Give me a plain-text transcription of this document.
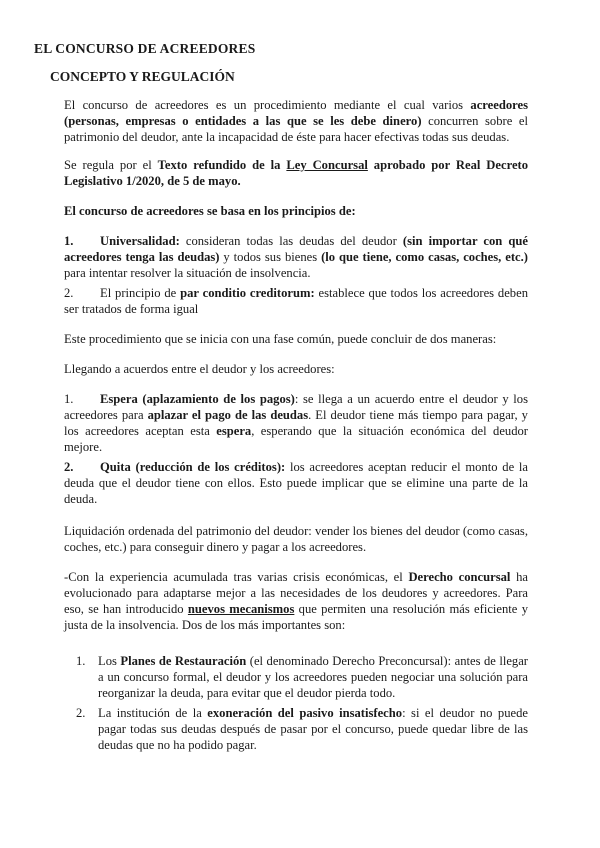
EL CONCURSO DE ACREEDORES
CONCEPTO Y REGULACIÓN

El concurso de acreedores es un procedimiento mediante el cual varios acreedores (personas, empresas o entidades a las que se les debe dinero) concurren sobre el patrimonio del deudor, ante la incapacidad de éste para hacer efectivas todas sus deudas.

Se regula por el Texto refundido de la Ley Concursal aprobado por Real Decreto Legislativo 1/2020, de 5 de mayo.

El concurso de acreedores se basa en los principios de:

1. Universalidad: consideran todas las deudas del deudor (sin importar con qué acreedores tenga las deudas) y todos sus bienes (lo que tiene, como casas, coches, etc.) para intentar resolver la situación de insolvencia.

2. El principio de par conditio creditorum: establece que todos los acreedores deben ser tratados de forma igual

Este procedimiento que se inicia con una fase común, puede concluir de dos maneras:

Llegando a acuerdos entre el deudor y los acreedores:

1. Espera (aplazamiento de los pagos): se llega a un acuerdo entre el deudor y los acreedores para aplazar el pago de las deudas. El deudor tiene más tiempo para pagar, y los acreedores aceptan esta espera, esperando que la situación económica del deudor mejore.

2. Quita (reducción de los créditos): los acreedores aceptan reducir el monto de la deuda que el deudor tiene con ellos. Esto puede implicar que se elimine una parte de la deuda.

Liquidación ordenada del patrimonio del deudor: vender los bienes del deudor (como casas, coches, etc.) para conseguir dinero y pagar a los acreedores.

-Con la experiencia acumulada tras varias crisis económicas, el Derecho concursal ha evolucionado para adaptarse mejor a las necesidades de los deudores y acreedores. Para eso, se han introducido nuevos mecanismos que permiten una resolución más eficiente y justa de la insolvencia. Dos de los más importantes son:

1. Los Planes de Restauración (el denominado Derecho Preconcursal): antes de llegar a un concurso formal, el deudor y los acreedores pueden negociar una solución para reorganizar la deuda, para evitar que el deudor pierda todo.

2. La institución de la exoneración del pasivo insatisfecho: si el deudor no puede pagar todas sus deudas después de pasar por el concurso, puede quedar libre de las deudas que no ha podido pagar.
